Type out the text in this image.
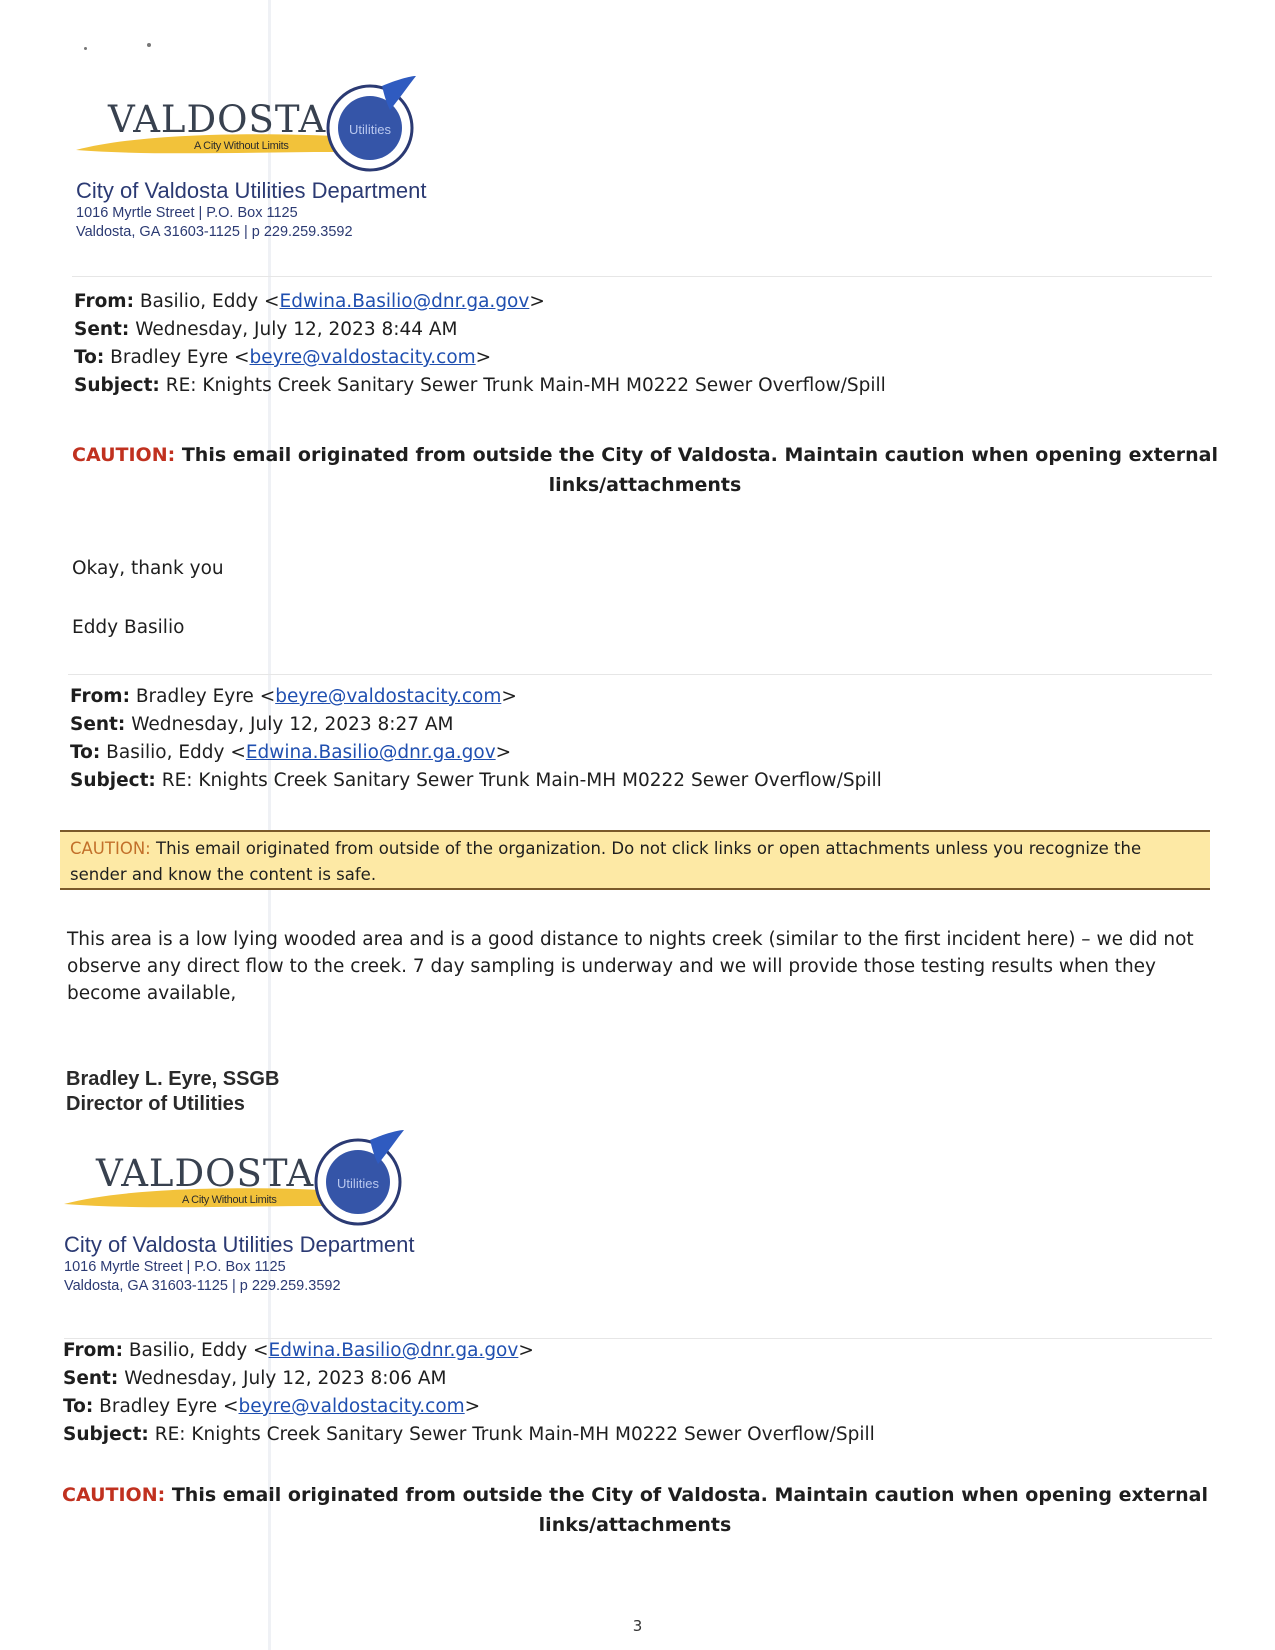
VALDOSTA
A City Without Limits
Utilities
City of Valdosta Utilities Department
1016 Myrtle Street | P.O. Box 1125
Valdosta, GA 31603-1125 | p 229.259.3592
From: Basilio, Eddy <Edwina.Basilio@dnr.ga.gov>
Sent: Wednesday, July 12, 2023 8:44 AM
To: Bradley Eyre <beyre@valdostacity.com>
Subject: RE: Knights Creek Sanitary Sewer Trunk Main-MH M0222 Sewer Overflow/Spill
CAUTION: This email originated from outside the City of Valdosta. Maintain caution when opening external
links/attachments
Okay, thank you
Eddy Basilio
From: Bradley Eyre <beyre@valdostacity.com>
Sent: Wednesday, July 12, 2023 8:27 AM
To: Basilio, Eddy <Edwina.Basilio@dnr.ga.gov>
Subject: RE: Knights Creek Sanitary Sewer Trunk Main-MH M0222 Sewer Overflow/Spill
CAUTION: This email originated from outside of the organization. Do not click links or open attachments unless you recognize the
sender and know the content is safe.
This area is a low lying wooded area and is a good distance to nights creek (similar to the first incident here) – we did not
observe any direct flow to the creek. 7 day sampling is underway and we will provide those testing results when they
become available,
Bradley L. Eyre, SSGB
Director of Utilities
VALDOSTA
A City Without Limits
Utilities
City of Valdosta Utilities Department
1016 Myrtle Street | P.O. Box 1125
Valdosta, GA 31603-1125 | p 229.259.3592
From: Basilio, Eddy <Edwina.Basilio@dnr.ga.gov>
Sent: Wednesday, July 12, 2023 8:06 AM
To: Bradley Eyre <beyre@valdostacity.com>
Subject: RE: Knights Creek Sanitary Sewer Trunk Main-MH M0222 Sewer Overflow/Spill
CAUTION: This email originated from outside the City of Valdosta. Maintain caution when opening external
links/attachments
3
